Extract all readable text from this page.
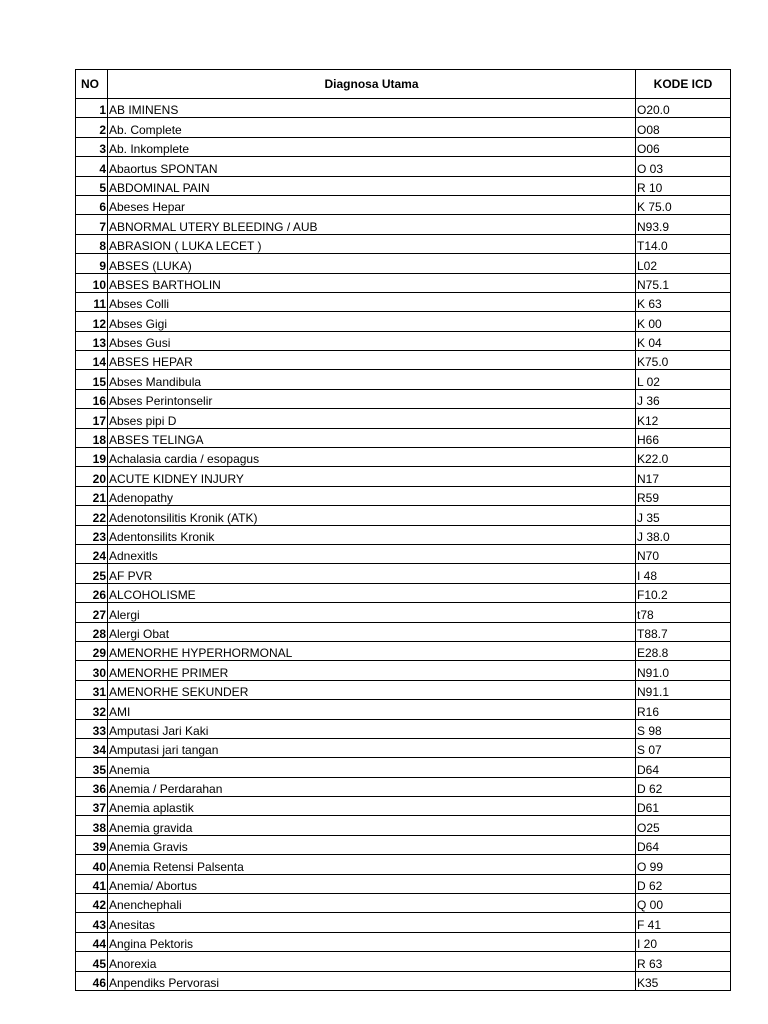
NO	Diagnosa Utama	KODE ICD
1	AB IMINENS	O20.0
2	Ab. Complete	O08
3	Ab. Inkomplete	O06
4	Abaortus SPONTAN	O 03
5	ABDOMINAL PAIN	R 10
6	Abeses Hepar	K 75.0
7	ABNORMAL UTERY BLEEDING / AUB	N93.9
8	ABRASION ( LUKA LECET )	T14.0
9	ABSES (LUKA)	L02
10	ABSES BARTHOLIN	N75.1
11	Abses Colli	K 63
12	Abses Gigi	K 00
13	Abses Gusi	K 04
14	ABSES HEPAR	K75.0
15	Abses Mandibula	L 02
16	Abses Perintonselir	J 36
17	Abses pipi D	K12
18	ABSES TELINGA	H66
19	Achalasia cardia / esopagus	K22.0
20	ACUTE KIDNEY INJURY	N17
21	Adenopathy	R59
22	Adenotonsilitis Kronik (ATK)	J 35
23	Adentonsilits Kronik	J 38.0
24	Adnexitls	N70
25	AF PVR	I 48
26	ALCOHOLISME	F10.2
27	Alergi	t78
28	Alergi Obat	T88.7
29	AMENORHE HYPERHORMONAL	E28.8
30	AMENORHE PRIMER	N91.0
31	AMENORHE SEKUNDER	N91.1
32	AMI	R16
33	Amputasi Jari Kaki	S 98
34	Amputasi jari tangan	S 07
35	Anemia	D64
36	Anemia / Perdarahan	D 62
37	Anemia aplastik	D61
38	Anemia gravida	O25
39	Anemia Gravis	D64
40	Anemia Retensi Palsenta	O 99
41	Anemia/ Abortus	D 62
42	Anenchephali	Q 00
43	Anesitas	F 41
44	Angina Pektoris	I 20
45	Anorexia	R 63
46	Anpendiks Pervorasi	K35
